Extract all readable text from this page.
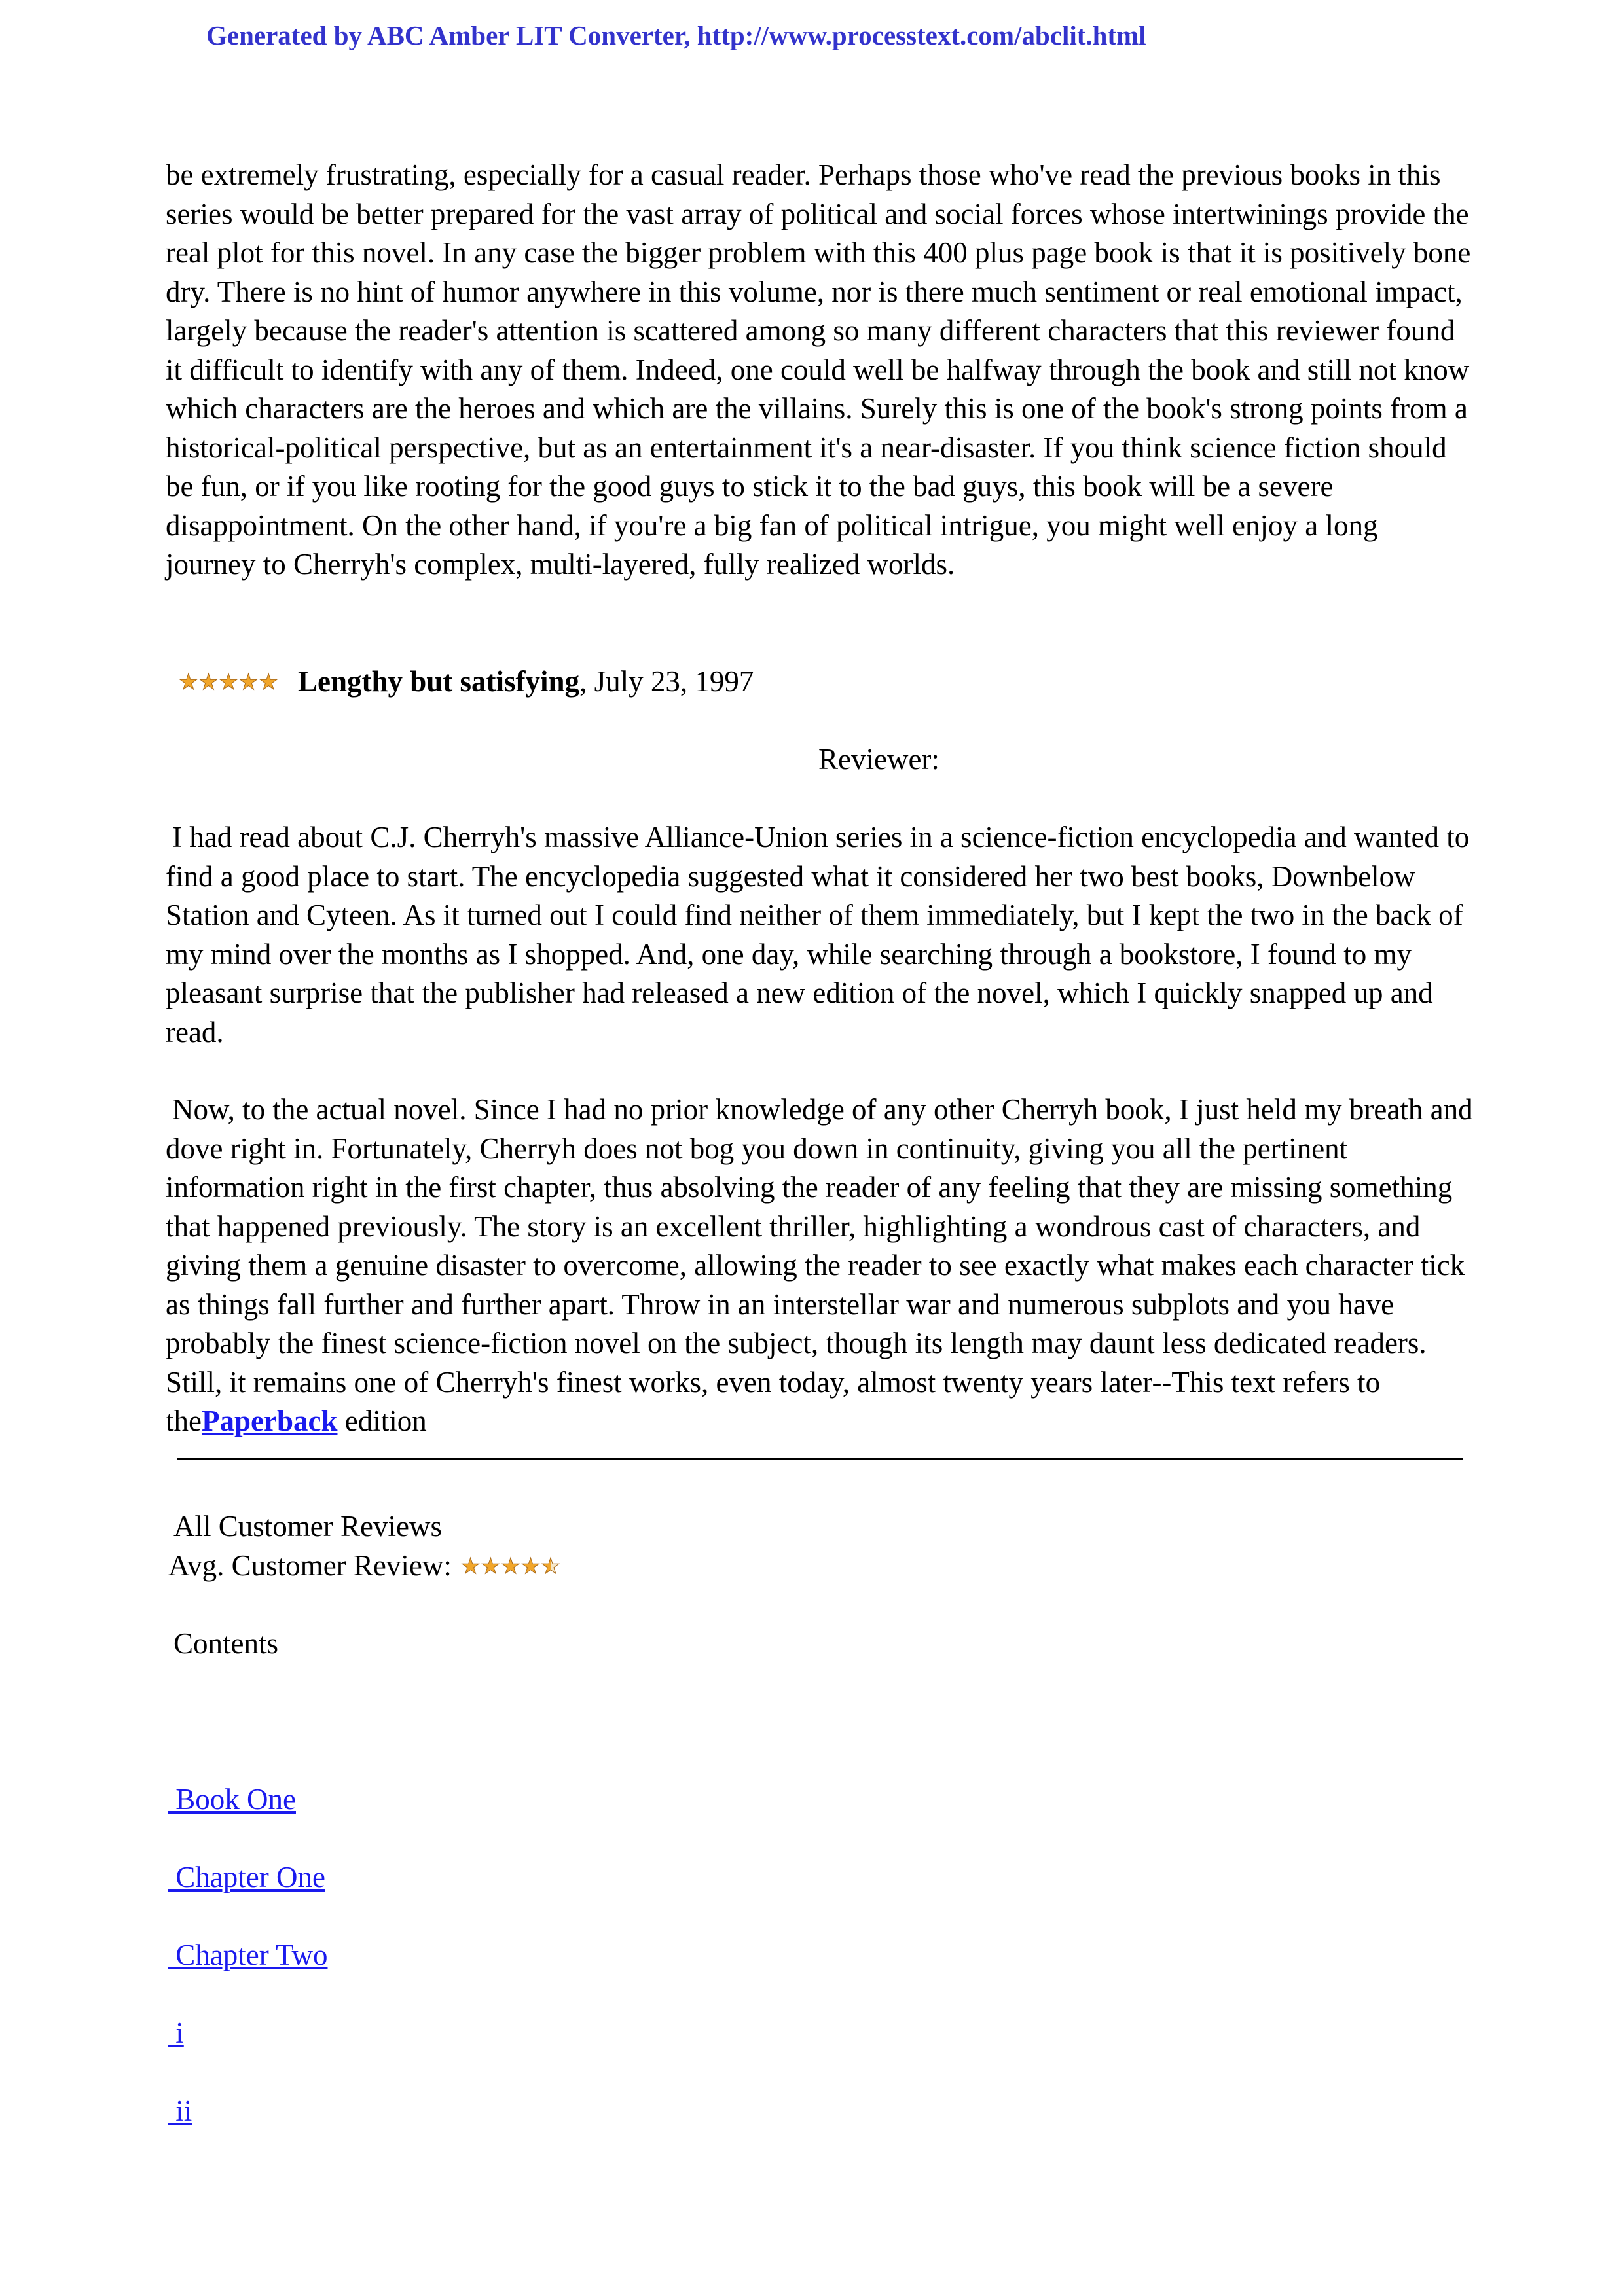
Generated by ABC Amber LIT Converter, http://www.processtext.com/abclit.html

be extremely frustrating, especially for a casual reader. Perhaps those who've read the previous books in this series would be better prepared for the vast array of political and social forces whose intertwinings provide the real plot for this novel. In any case the bigger problem with this 400 plus page book is that it is positively bone dry. There is no hint of humor anywhere in this volume, nor is there much sentiment or real emotional impact, largely because the reader's attention is scattered among so many different characters that this reviewer found it difficult to identify with any of them. Indeed, one could well be halfway through the book and still not know which characters are the heroes and which are the villains. Surely this is one of the book's strong points from a historical-political perspective, but as an entertainment it's a near-disaster. If you think science fiction should be fun, or if you like rooting for the good guys to stick it to the bad guys, this book will be a severe disappointment. On the other hand, if you're a big fan of political intrigue, you might well enjoy a long journey to Cherryh's complex, multi-layered, fully realized worlds.

★ ★ ★ ★ ★ Lengthy but satisfying , July 23, 1997
Reviewer:

I had read about C.J. Cherryh's massive Alliance-Union series in a science-fiction encyclopedia and wanted to find a good place to start. The encyclopedia suggested what it considered her two best books, Downbelow Station and Cyteen. As it turned out I could find neither of them immediately, but I kept the two in the back of my mind over the months as I shopped. And, one day, while searching through a bookstore, I found to my pleasant surprise that the publisher had released a new edition of the novel, which I quickly snapped up and read.

Now, to the actual novel. Since I had no prior knowledge of any other Cherryh book, I just held my breath and dove right in. Fortunately, Cherryh does not bog you down in continuity, giving you all the pertinent information right in the first chapter, thus absolving the reader of any feeling that they are missing something that happened previously. The story is an excellent thriller, highlighting a wondrous cast of characters, and giving them a genuine disaster to overcome, allowing the reader to see exactly what makes each character tick as things fall further and further apart. Throw in an interstellar war and numerous subplots and you have probably the finest science-fiction novel on the subject, though its length may daunt less dedicated readers. Still, it remains one of Cherryh's finest works, even today, almost twenty years later--This text refers to thePaperback edition

All Customer Reviews
Avg. Customer Review: ★ ★ ★ ★ ★
Contents
Book One
Chapter One
Chapter Two
i
ii
